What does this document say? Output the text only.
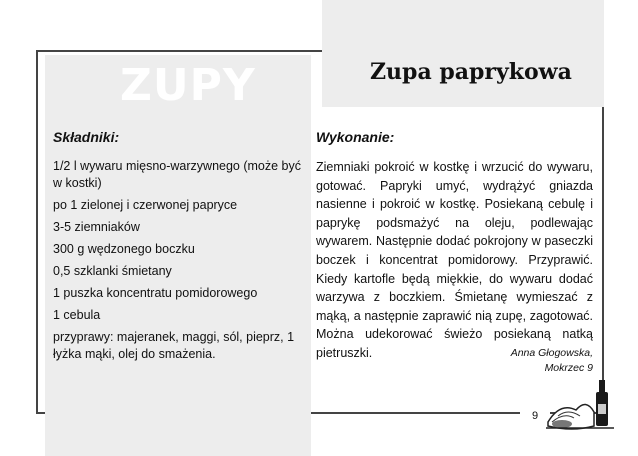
ZUPY	Zupa paprykowa
Składniki:	Wykonanie:
1/2 l wywaru mięsno-warzywnego (może być w kostki)
po 1 zielonej i czerwonej papryce
3-5 ziemniaków
300 g wędzonego boczku
0,5 szklanki śmietany
1 puszka koncentratu pomidorowego
1 cebula
przyprawy: majeranek, maggi, sól, pieprz, 1 łyżka mąki, olej do smażenia.

Ziemniaki pokroić w kostkę i wrzucić do wywaru, gotować. Papryki umyć, wydrążyć gniazda nasienne i pokroić w kostkę. Posiekaną cebulę i paprykę podsmażyć na oleju, podlewając wywarem. Następnie dodać pokrojony w paseczki boczek i koncentrat pomidorowy. Przyprawić. Kiedy kartofle będą miękkie, do wywaru dodać warzywa z boczkiem. Śmietanę wymieszać z mąką, a następnie zaprawić nią zupę, zagotować. Można udekorować świeżo posiekaną natką pietruszki.	Anna Głogowska,
Mokrzec 9

9
